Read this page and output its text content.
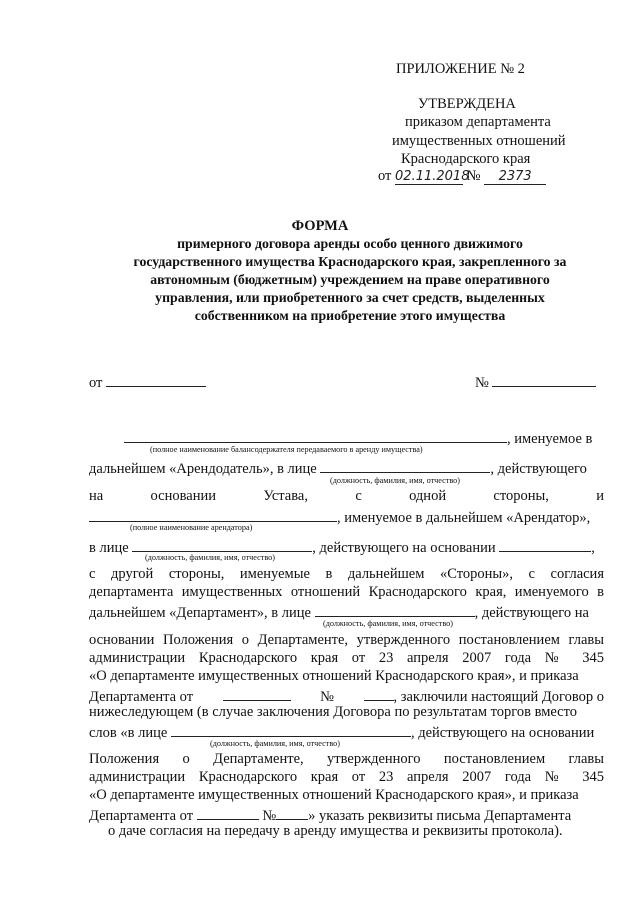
ПРИЛОЖЕНИЕ № 2
УТВЕРЖДЕНА
приказом департамента
имущественных отношений
Краснодарского края
от 02.11.2018 № 2373
ФОРМА
примерного договора аренды особо ценного движимого
государственного имущества Краснодарского края, закрепленного за
автономным (бюджетным) учреждением на праве оперативного
управления, или приобретенного за счет средств, выделенных
собственником на приобретение этого имущества
от	№
, именуемое в
(полное наименование балансодержателя передаваемого в аренду имущества)
дальнейшем «Арендодатель», в лице	, действующего
(должность, фамилия, имя, отчество)
на	основании	Устава,	с	одной	стороны,	и
, именуемое в дальнейшем «Арендатор»,
(полное наименование арендатора)
в лице	, действующего на основании	,
(должность, фамилия, имя, отчество)
с другой стороны, именуемые в дальнейшем «Стороны», с согласия
департамента имущественных отношений Краснодарского края, именуемого в
дальнейшем «Департамент», в лице	, действующего на
(должность, фамилия, имя, отчество)
основании Положения о Департаменте, утвержденного постановлением главы
администрации Краснодарского края от 23 апреля 2007 года № 345
«О департаменте имущественных отношений Краснодарского края», и приказа
Департамента от	№	, заключили настоящий Договор о
нижеследующем (в случае заключения Договора по результатам торгов вместо
слов «в лице	, действующего на основании
(должность, фамилия, имя, отчество)
Положения о Департаменте, утвержденного постановлением главы
администрации Краснодарского края от 23 апреля 2007 года № 345
«О департаменте имущественных отношений Краснодарского края», и приказа
Департамента от	№ » указать реквизиты письма Департамента
о даче согласия на передачу в аренду имущества и реквизиты протокола).
